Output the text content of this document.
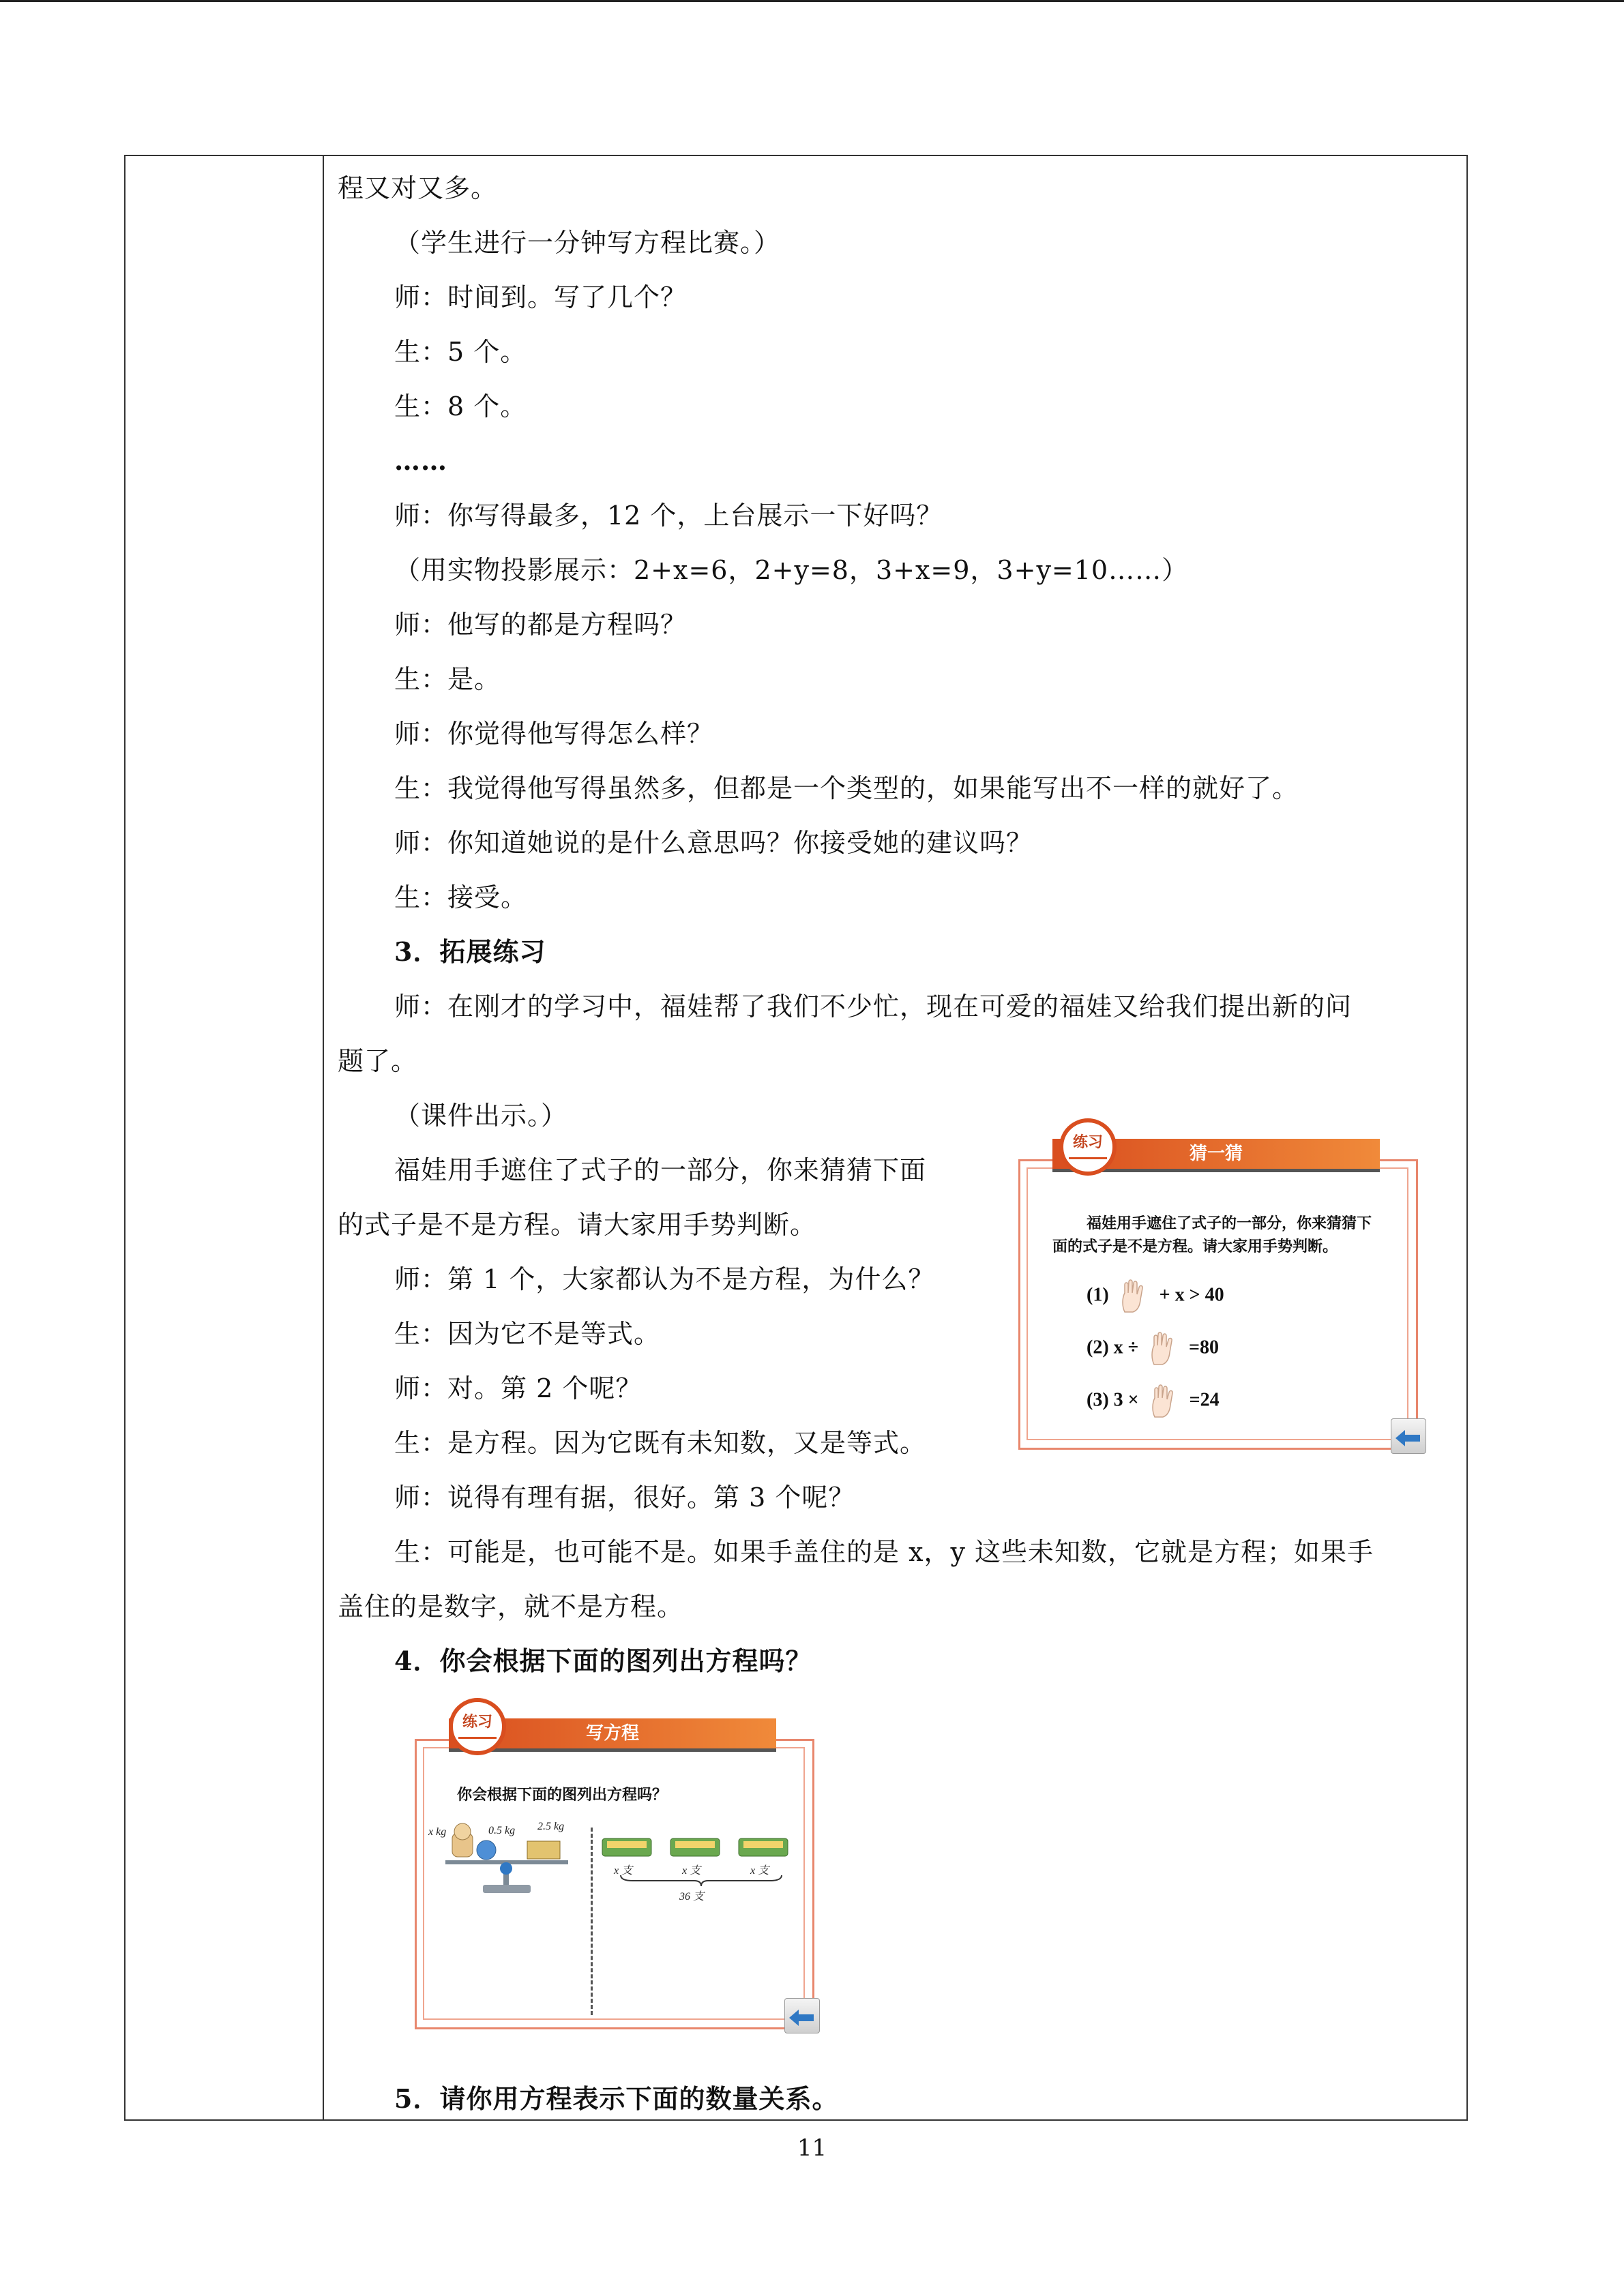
程又对又多。
（学生进行一分钟写方程比赛。）
师：时间到。写了几个？
生：5 个。
生：8 个。
……
师：你写得最多，12 个，上台展示一下好吗？
（用实物投影展示：2+x=6，2+y=8，3+x=9，3+y=10……）
师：他写的都是方程吗？
生：是。
师：你觉得他写得怎么样？
生：我觉得他写得虽然多，但都是一个类型的，如果能写出不一样的就好了。
师：你知道她说的是什么意思吗？你接受她的建议吗？
生：接受。
3．拓展练习
师：在刚才的学习中，福娃帮了我们不少忙，现在可爱的福娃又给我们提出新的问
题了。
（课件出示。）
福娃用手遮住了式子的一部分，你来猜猜下面
的式子是不是方程。请大家用手势判断。
师：第 1 个，大家都认为不是方程，为什么？
生：因为它不是等式。
师：对。第 2 个呢？
生：是方程。因为它既有未知数，又是等式。
师：说得有理有据，很好。第 3 个呢？
生：可能是，也可能不是。如果手盖住的是 x，y 这些未知数，它就是方程；如果手
盖住的是数字，就不是方程。
4．你会根据下面的图列出方程吗？
5．请你用方程表示下面的数量关系。
猜一猜
练习
福娃用手遮住了式子的一部分，你来猜猜下
面的式子是不是方程。请大家用手势判断。
(1)	+ x > 40
(2) x ÷	=80
(3) 3 ×	=24
写方程
练习
你会根据下面的图列出方程吗？
x kg	0.5 kg 2.5 kg
x 支	x 支	x 支
36 支
11
